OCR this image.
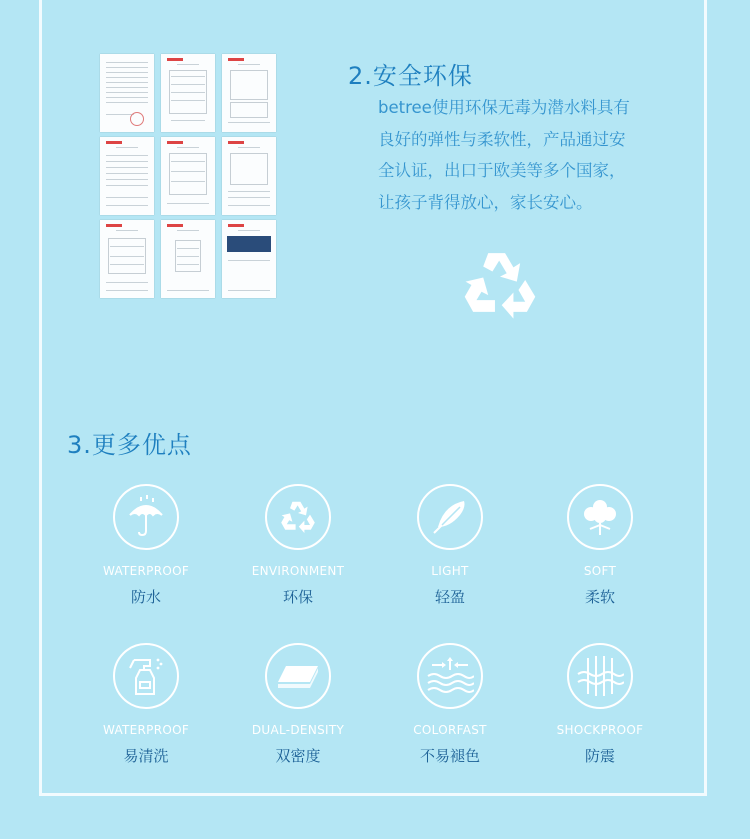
2.安全环保

betree使用环保无毒为潜水料具有
良好的弹性与柔软性，产品通过安
全认证，出口于欧美等多个国家，
让孩子背得放心，家长安心。

3.更多优点
WATERPROOF
防水
ENVIRONMENT
环保
LIGHT
轻盈
SOFT
柔软
WATERPROOF
易清洗
DUAL-DENSITY
双密度
COLORFAST
不易褪色
SHOCKPROOF
防震
